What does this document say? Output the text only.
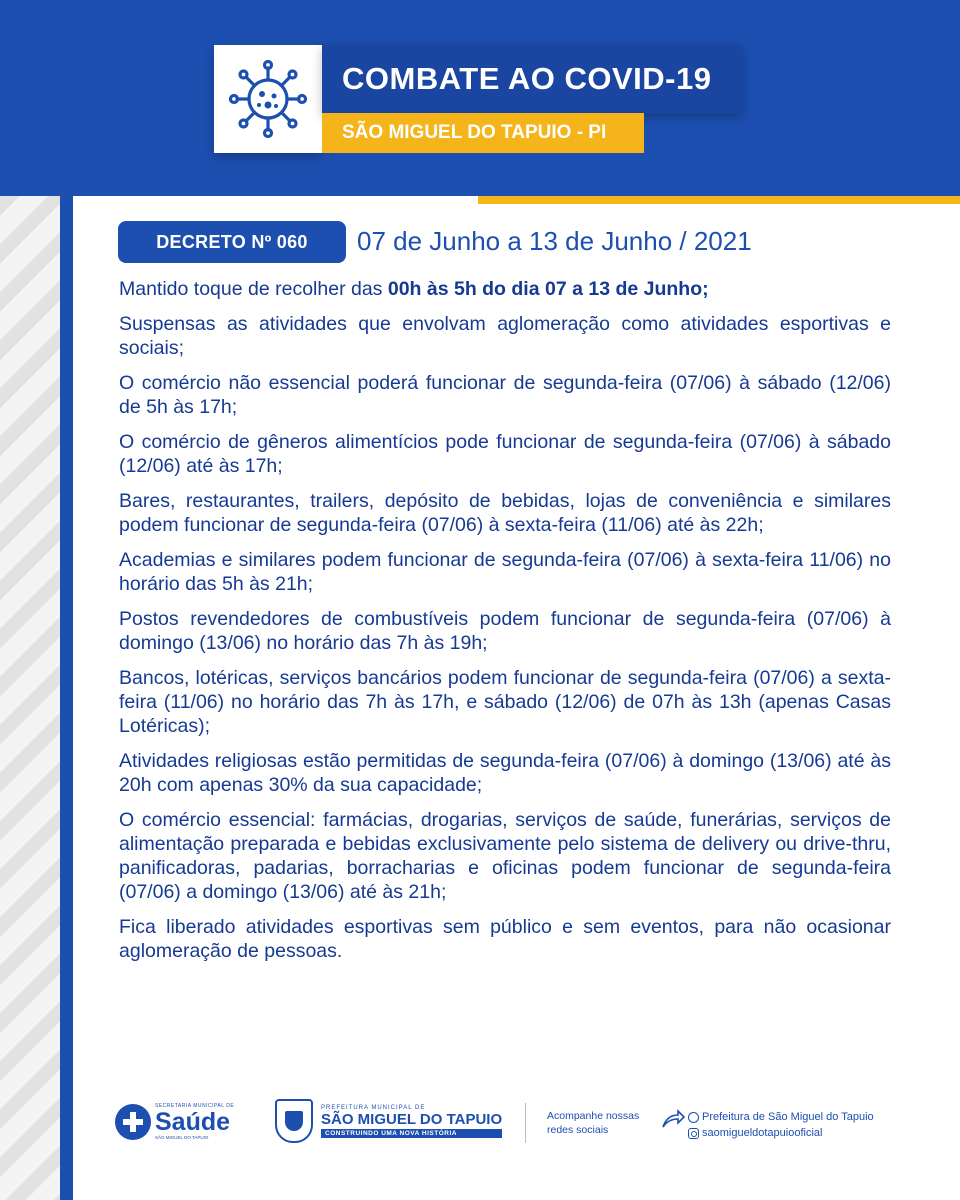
COMBATE AO COVID-19
SÃO MIGUEL DO TAPUIO - PI
DECRETO Nº 060 07 de Junho a 13 de Junho / 2021

Mantido toque de recolher das 00h às 5h do dia 07 a 13 de Junho;

Suspensas as atividades que envolvam aglomeração como atividades esportivas e sociais;

O comércio não essencial poderá funcionar de segunda-feira (07/06) à sábado (12/06) de 5h às 17h;

O comércio de gêneros alimentícios pode funcionar de segunda-feira (07/06) à sábado (12/06) até às 17h;

Bares, restaurantes, trailers, depósito de bebidas, lojas de conveniência e similares podem funcionar de segunda-feira (07/06) à sexta-feira (11/06) até às 22h;

Academias e similares podem funcionar de segunda-feira (07/06) à sexta-feira 11/06) no horário das 5h às 21h;

Postos revendedores de combustíveis podem funcionar de segunda-feira (07/06) à domingo (13/06) no horário das 7h às 19h;

Bancos, lotéricas, serviços bancários podem funcionar de segunda-feira (07/06) a sexta-feira (11/06) no horário das 7h às 17h, e sábado (12/06) de 07h às 13h (apenas Casas Lotéricas);

Atividades religiosas estão permitidas de segunda-feira (07/06) à domingo (13/06) até às 20h com apenas 30% da sua capacidade;

O comércio essencial: farmácias, drogarias, serviços de saúde, funerárias, serviços de alimentação preparada e bebidas exclusivamente pelo sistema de delivery ou drive-thru, panificadoras, padarias, borracharias e oficinas podem funcionar de segunda-feira (07/06) a domingo (13/06) até às 21h;

Fica liberado atividades esportivas sem público e sem eventos, para não ocasionar aglomeração de pessoas.

SECRETARIA MUNICIPAL DE
Saúde
SÃO MIGUEL DO TAPUIO
PREFEITURA MUNICIPAL DE
SÃO MIGUEL DO TAPUIO
CONSTRUINDO UMA NOVA HISTÓRIA
Acompanhe nossas
redes sociais
Prefeitura de São Miguel do Tapuio
saomigueldotapuiooficial
